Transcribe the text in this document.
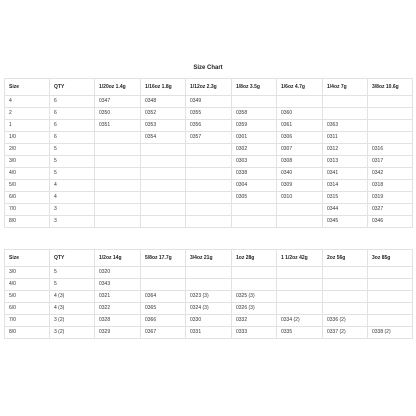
Size Chart
Size	QTY	1/20oz 1.4g	1/16oz 1.8g	1/12oz 2.3g	1/8oz 3.5g	1/6oz 4.7g	1/4oz 7g	3/8oz 10.6g
4	6	0347	0348	0349				
2	6	0350	0352	0355	0358	0360		
1	6	0351	0353	0356	0359	0361	0363	
1/0	6		0354	0357	0301	0306	0311	
2/0	5				0302	0307	0312	0316
3/0	5				0303	0308	0313	0317
4/0	5				0338	0340	0341	0342
5/0	4				0304	0309	0314	0318
6/0	4				0305	0310	0315	0319
7/0	3						0344	0327
8/0	3						0345	0346
Size	QTY	1/2oz 14g	5/8oz 17.7g	3/4oz 21g	1oz 28g	1 1/2oz 42g	2oz 56g	3oz 85g
3/0	5	0320						
4/0	5	0343						
5/0	4 (3)	0321	0364	0323 (3)	0325 (3)			
6/0	4 (3)	0322	0365	0324 (3)	0326 (3)			
7/0	3 (2)	0328	0366	0330	0332	0334 (2)	0336 (2)	
8/0	3 (2)	0329	0367	0331	0333	0335	0337 (2)	0338 (2)
